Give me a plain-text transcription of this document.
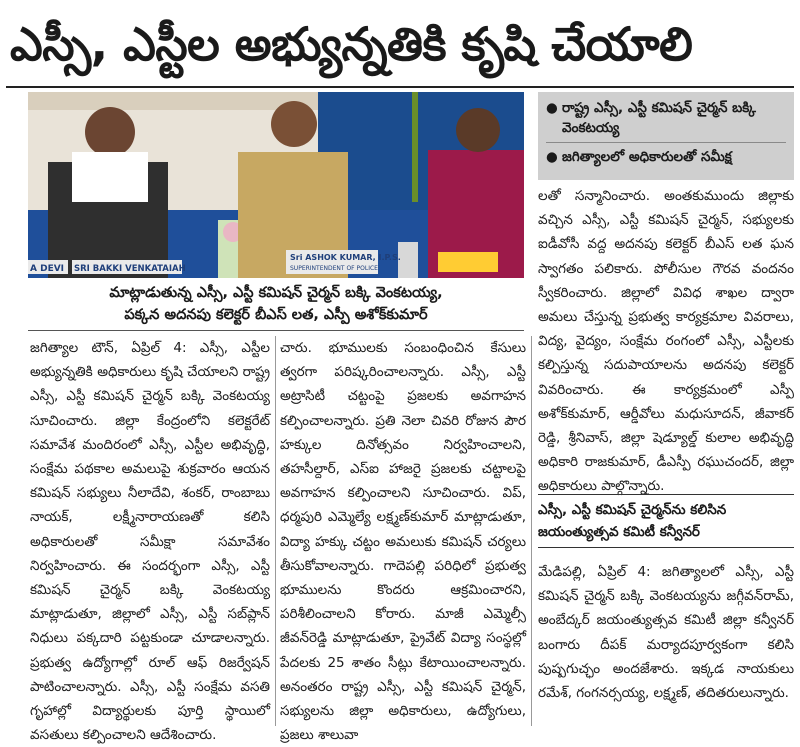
ఎస్సీ, ఎస్టీల అభ్యున్నతికి కృషి చేయాలి
A DEVI SRI BAKKI VENKATAIAH
Sri ASHOK KUMAR, I.P.S.
SUPERINTENDENT OF POLICE
మాట్లాడుతున్న ఎస్సీ, ఎస్టీ కమిషన్ చైర్మన్ బక్కి వెంకటయ్య,
పక్కన అదనపు కలెక్టర్ బీఎస్ లత, ఎస్పీ అశోక్‌కుమార్
● రాష్ట్ర ఎస్సీ, ఎస్టీ కమిషన్ చైర్మన్ బక్కి వెంకటయ్య
● జగిత్యాలలో అధికారులతో సమీక్ష

జగిత్యాల టౌన్, ఏప్రిల్ 4: ఎస్సీ, ఎస్టీల అభ్యున్నతికి అధికారులు కృషి చేయాలని రాష్ట్ర ఎస్సీ, ఎస్టీ కమిషన్ చైర్మన్ బక్కి వెంకటయ్య సూచించారు. జిల్లా కేంద్రంలోని కలెక్టరేట్ సమావేశ మందిరంలో ఎస్సీ, ఎస్టీల అభివృద్ధి, సంక్షేమ పథకాల అమలుపై శుక్రవారం ఆయన కమిషన్ సభ్యులు నీలాదేవి, శంకర్, రాంబాబు నాయక్, లక్ష్మీనారాయణతో కలిసి అధికారులతో సమీక్షా సమావేశం నిర్వహించారు. ఈ సందర్భంగా ఎస్సీ, ఎస్టీ కమిషన్ చైర్మన్ బక్కి వెంకటయ్య మాట్లాడుతూ, జిల్లాలో ఎస్సీ, ఎస్టీ సబ్‌ప్లాన్ నిధులు పక్కదారి పట్టకుండా చూడాలన్నారు. ప్రభుత్వ ఉద్యోగాల్లో రూల్ ఆఫ్ రిజర్వేషన్ పాటించాలన్నారు. ఎస్సీ, ఎస్టీ సంక్షేమ వసతి గృహాల్లో విద్యార్థులకు పూర్తి స్థాయిలో వసతులు కల్పించాలని ఆదేశించారు.

చారు. భూములకు సంబంధించిన కేసులు త్వరగా పరిష్కరించాలన్నారు. ఎస్సీ, ఎస్టీ అట్రాసిటీ చట్టంపై ప్రజలకు అవగాహన కల్పించాలన్నారు. ప్రతి నెలా చివరి రోజున పౌర హక్కుల దినోత్సవం నిర్వహించాలని, తహసీల్దార్, ఎస్ఐ హాజరై ప్రజలకు చట్టాలపై అవగాహన కల్పించాలని సూచించారు. విప్, ధర్మపురి ఎమ్మెల్యే లక్ష్మణ్‌కుమార్ మాట్లాడుతూ, విద్యా హక్కు చట్టం అమలుకు కమిషన్ చర్యలు తీసుకోవాలన్నారు. గాదెపల్లి పరిధిలో ప్రభుత్వ భూములను కొందరు ఆక్రమించారని, పరిశీలించాలని కోరారు. మాజీ ఎమ్మెల్సీ జీవన్‌రెడ్డి మాట్లాడుతూ, ప్రైవేట్ విద్యా సంస్థల్లో పేదలకు 25 శాతం సీట్లు కేటాయించాలన్నారు. అనంతరం రాష్ట్ర ఎస్సీ, ఎస్టీ కమిషన్ చైర్మన్, సభ్యులను జిల్లా అధికారులు, ఉద్యోగులు, ప్రజలు శాలువా

లతో సన్మానించారు. అంతకుముందు జిల్లాకు వచ్చిన ఎస్సీ, ఎస్టీ కమిషన్ చైర్మన్, సభ్యులకు ఐడీవోసీ వద్ద అదనపు కలెక్టర్ బీఎస్ లత ఘన స్వాగతం పలికారు. పోలీసుల గౌరవ వందనం స్వీకరించారు. జిల్లాలో వివిధ శాఖల ద్వారా అమలు చేస్తున్న ప్రభుత్వ కార్యక్రమాల వివరాలు, విద్య, వైద్యం, సంక్షేమ రంగంలో ఎస్సీ, ఎస్టీలకు కల్పిస్తున్న సదుపాయాలను అదనపు కలెక్టర్ వివరించారు. ఈ కార్యక్రమంలో ఎస్పీ అశోక్‌కుమార్, ఆర్డీవోలు మధుసూదన్, జీవాకర్ రెడ్డి, శ్రీనివాస్, జిల్లా షెడ్యూల్డ్ కులాల అభివృద్ధి అధికారి రాజకుమార్, డీఎస్పీ రఘుచందర్, జిల్లా అధికారులు పాల్గొన్నారు.

ఎస్సీ, ఎస్టీ కమిషన్ చైర్మన్‌ను కలిసిన
జయంత్యుత్సవ కమిటీ కన్వీనర్

మేడిపల్లి, ఏప్రిల్ 4: జగిత్యాలలో ఎస్సీ, ఎస్టీ కమిషన్ చైర్మన్ బక్కి వెంకటయ్యను జగ్గీవన్‌రామ్, అంబేద్కర్ జయంత్యుత్సవ కమిటీ జిల్లా కన్వీనర్ బంగారు దీపక్ మర్యాదపూర్వకంగా కలిసి పుష్పగుచ్ఛం అందజేశారు. ఇక్కడ నాయకులు రమేశ్, గంగనర్సయ్య, లక్ష్మణ్, తదితరులున్నారు.
